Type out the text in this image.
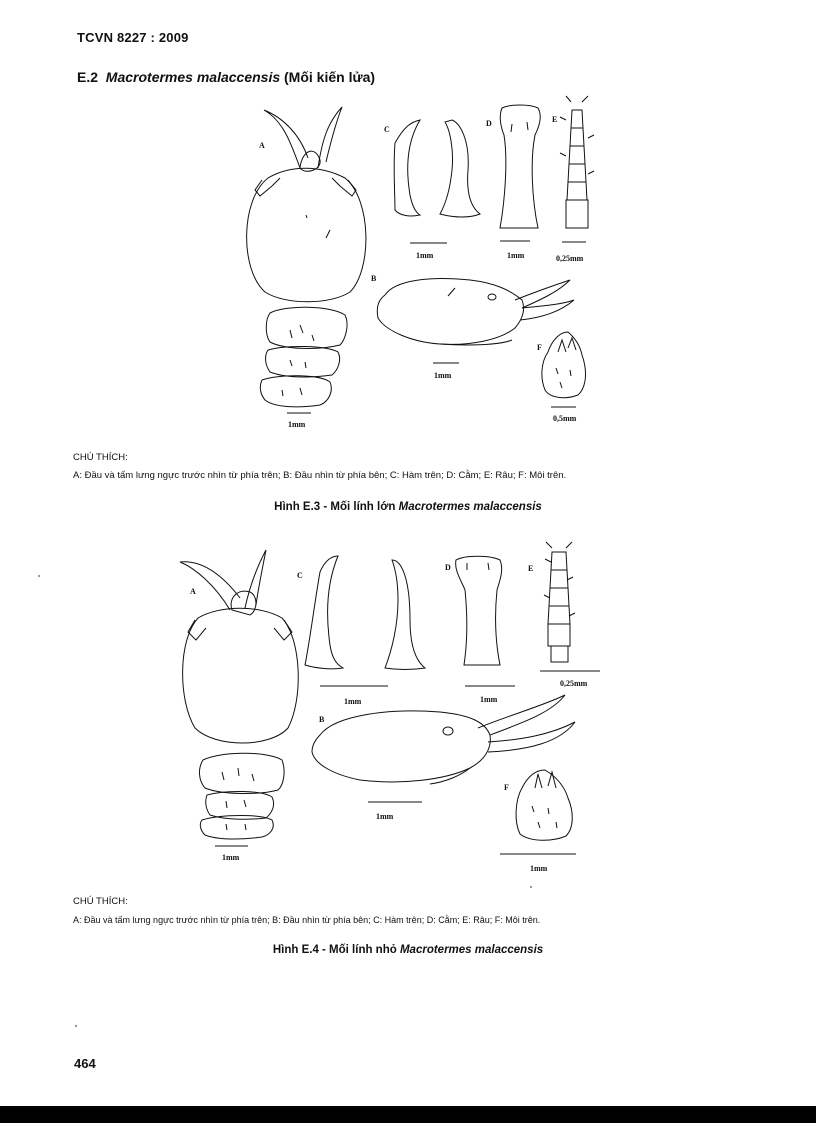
TCVN 8227 : 2009
E.2 Macrotermes malaccensis (Mối kiến lửa)
A
1mm
C
1mm
D
1mm
E
0,25mm
B
1mm
F
0,5mm
CHÚ THÍCH:
A: Đầu và tấm lưng ngực trước nhìn từ phía trên; B: Đầu nhìn từ phía bên; C: Hàm trên; D: Cằm; E: Râu; F: Môi trên.
Hình E.3 - Mối lính lớn Macrotermes malaccensis
A
1mm
C
1mm
D
1mm
E
0,25mm
B
1mm
F
1mm
CHÚ THÍCH:
A: Đầu và tấm lưng ngực trước nhìn từ phía trên; B: Đầu nhìn từ phía bên; C: Hàm trên; D: Cằm; E: Râu; F: Môi trên.
Hình E.4 - Mối lính nhỏ Macrotermes malaccensis
464
